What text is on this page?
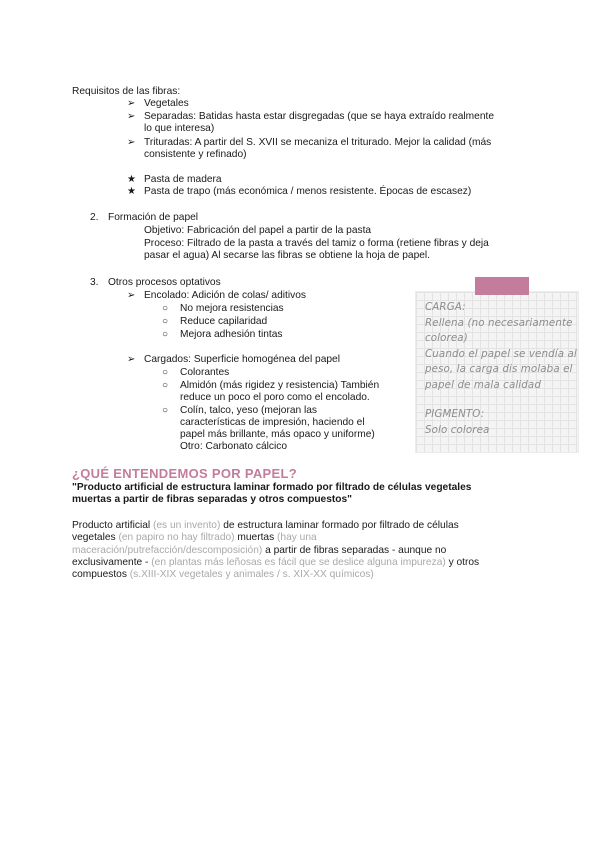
Requisitos de las fibras:
➢ Vegetales
➢ Separadas: Batidas hasta estar disgregadas (que se haya extraído realmente
lo que interesa)
➢ Trituradas: A partir del S. XVII se mecaniza el triturado. Mejor la calidad (más
consistente y refinado)
★ Pasta de madera
★ Pasta de trapo (más económica / menos resistente. Épocas de escasez)
2. Formación de papel
Objetivo: Fabricación del papel a partir de la pasta
Proceso: Filtrado de la pasta a través del tamiz o forma (retiene fibras y deja
pasar el agua) Al secarse las fibras se obtiene la hoja de papel.
3. Otros procesos optativos
➢ Encolado: Adición de colas/ aditivos
○ No mejora resistencias
○ Reduce capilaridad
○ Mejora adhesión tintas
➢ Cargados: Superficie homogénea del papel
○ Colorantes
○ Almidón (más rigidez y resistencia) También
reduce un poco el poro como el encolado.
○ Colín, talco, yeso (mejoran las
características de impresión, haciendo el
papel más brillante, más opaco y uniforme)
Otro: Carbonato cálcico
CARGA:
Rellena (no necesariamente
colorea)
Cuando el papel se vendía al
peso, la carga dis molaba el
papel de mala calidad
PIGMENTO:
Solo colorea
¿QUÉ ENTENDEMOS POR PAPEL?
"Producto artificial de estructura laminar formado por filtrado de células vegetales
muertas a partir de fibras separadas y otros compuestos"
Producto artificial (es un invento) de estructura laminar formado por filtrado de células vegetales (en papiro no hay filtrado) muertas (hay una maceración/putrefacción/descomposición) a partir de fibras separadas - aunque no exclusivamente - (en plantas más leñosas es fácil que se deslice alguna impureza) y otros compuestos (s.XIII-XIX vegetales y animales / s. XIX-XX químicos)
